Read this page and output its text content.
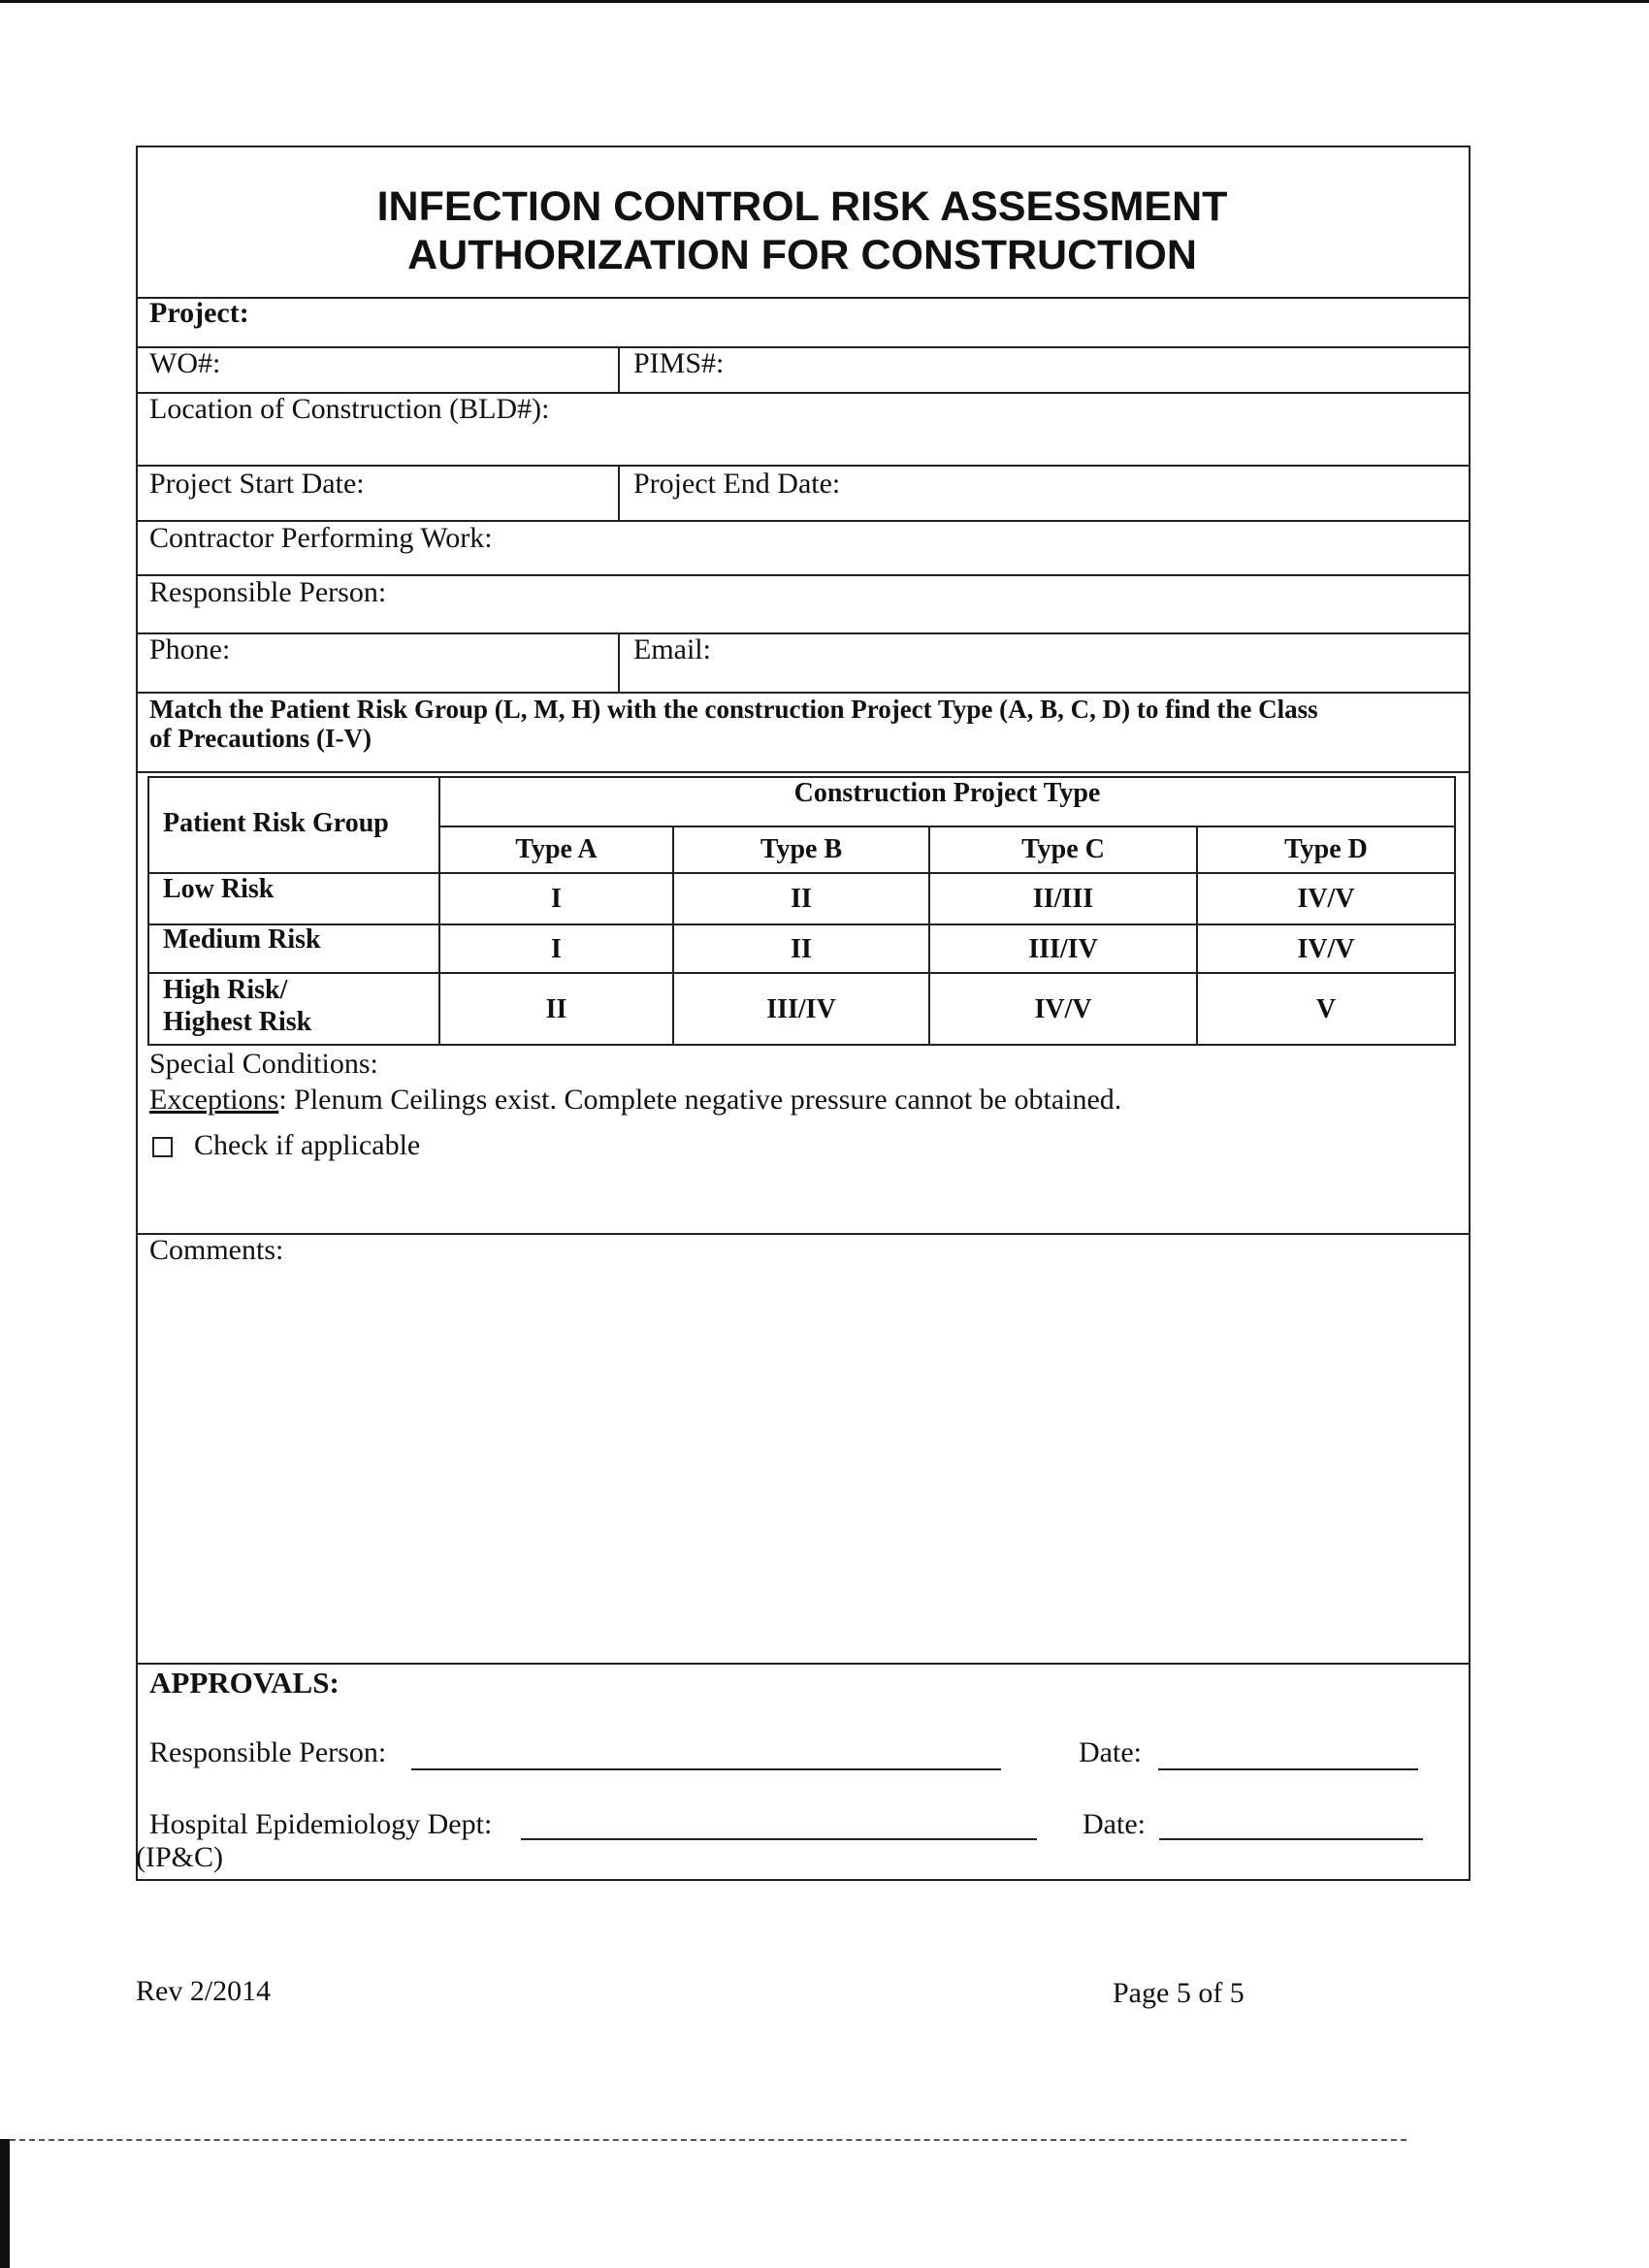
INFECTION CONTROL RISK ASSESSMENT
AUTHORIZATION FOR CONSTRUCTION
Project:
WO#:	PIMS#:
Location of Construction (BLD#):
Project Start Date:	Project End Date:
Contractor Performing Work:
Responsible Person:
Phone:	Email:
Match the Patient Risk Group (L, M, H) with the construction Project Type (A, B, C, D) to find the Class
of Precautions (I-V)
Patient Risk Group
Construction Project Type
Type A	Type B	Type C	Type D
Low Risk	I	II	II/III	IV/V
Medium Risk	I	II	III/IV	IV/V
High Risk/
Highest Risk	II	III/IV	IV/V	V
Special Conditions:
Exceptions: Plenum Ceilings exist. Complete negative pressure cannot be obtained.
Check if applicable
Comments:
APPROVALS:
Responsible Person:	Date:
Hospital Epidemiology Dept:	Date:
(IP&C)
Rev 2/2014	Page 5 of 5
